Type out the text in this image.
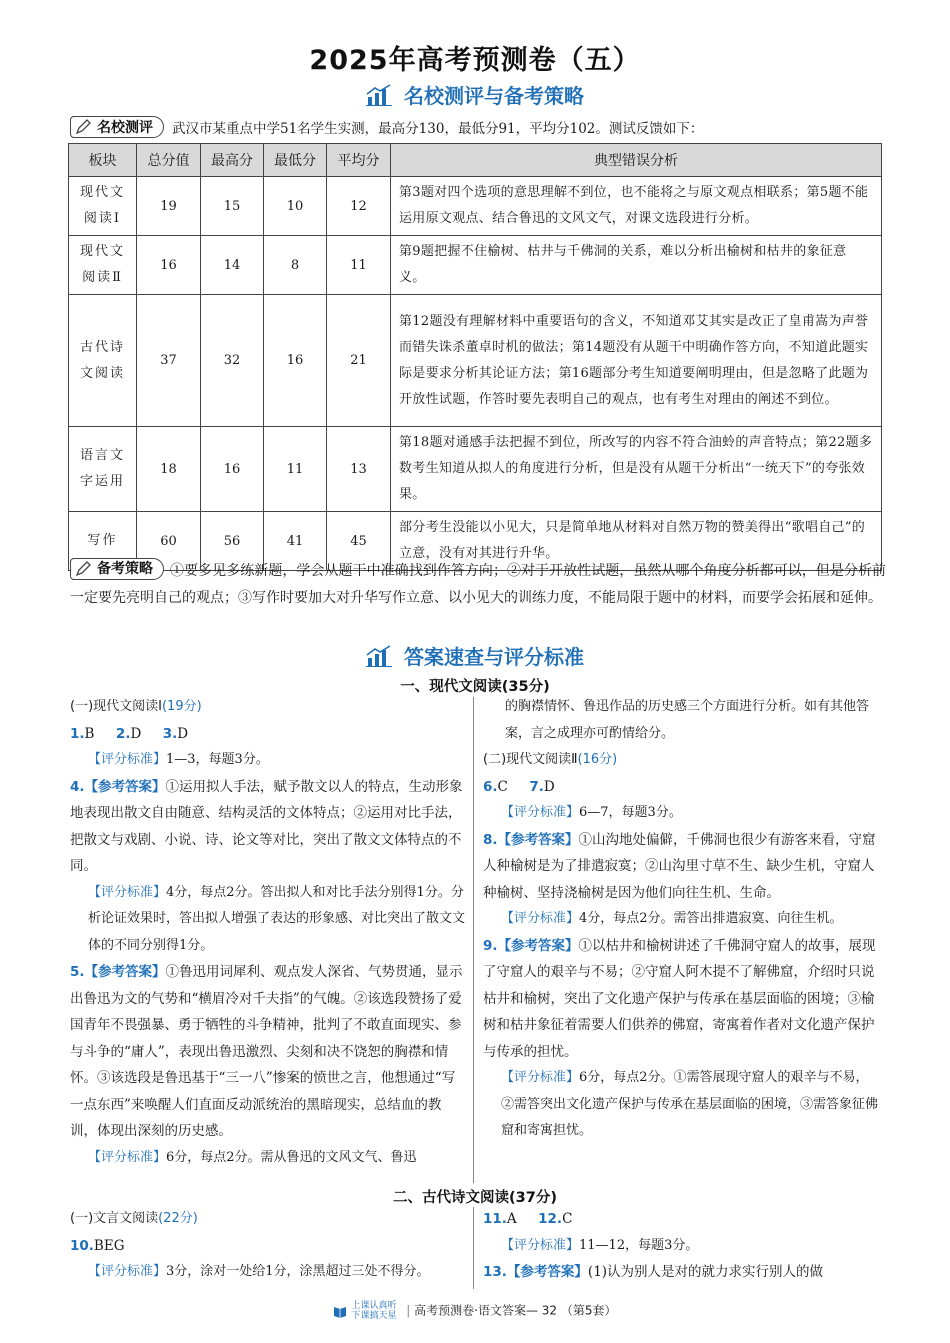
2025年高考预测卷（五）
名校测评与备考策略
名校测评 武汉市某重点中学51名学生实测，最高分130，最低分91，平均分102。测试反馈如下：
板块	总分值	最高分	最低分	平均分	典型错误分析
现代文阅读Ⅰ	19	15	10	12	第3题对四个选项的意思理解不到位，也不能将之与原文观点相联系；第5题不能运用原文观点、结合鲁迅的文风文气，对课文选段进行分析。
现代文阅读Ⅱ	16	14	8	11	第9题把握不住榆树、枯井与千佛洞的关系，难以分析出榆树和枯井的象征意义。
古代诗文阅读	37	32	16	21	第12题没有理解材料中重要语句的含义，不知道邓艾其实是改正了皇甫嵩为声誉而错失诛杀董卓时机的做法；第14题没有从题干中明确作答方向，不知道此题实际是要求分析其论证方法；第16题部分考生知道要阐明理由，但是忽略了此题为开放性试题，作答时要先表明自己的观点，也有考生对理由的阐述不到位。
语言文字运用	18	16	11	13	第18题对通感手法把握不到位，所改写的内容不符合油蛉的声音特点；第22题多数考生知道从拟人的角度进行分析，但是没有从题干分析出“一统天下”的夸张效果。
写作	60	56	41	45	部分考生没能以小见大，只是简单地从材料对自然万物的赞美得出“歌唱自己”的立意，没有对其进行升华。
备考策略 ①要多见多练新题，学会从题干中准确找到作答方向；②对于开放性试题，虽然从哪个角度分析都可以，但是分析前一定要先亮明自己的观点；③写作时要加大对升华写作立意、以小见大的训练力度，不能局限于题中的材料，而要学会拓展和延伸。
答案速查与评分标准
一、现代文阅读(35分)

(一)现代文阅读Ⅰ(19分)

1.B 2.D 3.D

【评分标准】1—3，每题3分。

4.【参考答案】①运用拟人手法，赋予散文以人的特点，生动形象地表现出散文自由随意、结构灵活的文体特点；②运用对比手法，把散文与戏剧、小说、诗、论文等对比，突出了散文文体特点的不同。

【评分标准】4分，每点2分。答出拟人和对比手法分别得1分。分析论证效果时，答出拟人增强了表达的形象感、对比突出了散文文体的不同分别得1分。

5.【参考答案】①鲁迅用词犀利、观点发人深省、气势贯通，显示出鲁迅为文的气势和“横眉冷对千夫指”的气魄。②该选段赞扬了爱国青年不畏强暴、勇于牺牲的斗争精神，批判了不敢直面现实、参与斗争的“庸人”，表现出鲁迅激烈、尖刻和决不饶恕的胸襟和情怀。③该选段是鲁迅基于“三一八”惨案的愤世之言，他想通过“写一点东西”来唤醒人们直面反动派统治的黑暗现实，总结血的教训，体现出深刻的历史感。

【评分标准】6分，每点2分。需从鲁迅的文风文气、鲁迅

的胸襟情怀、鲁迅作品的历史感三个方面进行分析。如有其他答案，言之成理亦可酌情给分。

(二)现代文阅读Ⅱ(16分)

6.C 7.D

【评分标准】6—7，每题3分。

8.【参考答案】①山沟地处偏僻，千佛洞也很少有游客来看，守窟人种榆树是为了排遣寂寞；②山沟里寸草不生、缺少生机，守窟人种榆树、坚持浇榆树是因为他们向往生机、生命。

【评分标准】4分，每点2分。需答出排遣寂寞、向往生机。

9.【参考答案】①以枯井和榆树讲述了千佛洞守窟人的故事，展现了守窟人的艰辛与不易；②守窟人阿木提不了解佛窟，介绍时只说枯井和榆树，突出了文化遗产保护与传承在基层面临的困境；③榆树和枯井象征着需要人们供养的佛窟，寄寓着作者对文化遗产保护与传承的担忧。

【评分标准】6分，每点2分。①需答展现守窟人的艰辛与不易，②需答突出文化遗产保护与传承在基层面临的困境，③需答象征佛窟和寄寓担忧。

二、古代诗文阅读(37分)

(一)文言文阅读(22分)

10.BEG

【评分标准】3分，涂对一处给1分，涂黑超过三处不得分。

11.A 12.C

【评分标准】11—12，每题3分。

13.【参考答案】(1)认为别人是对的就力求实行别人的做

上课认真听
下课搞天星 | 高考预测卷·语文答案— 32 （第5套）
